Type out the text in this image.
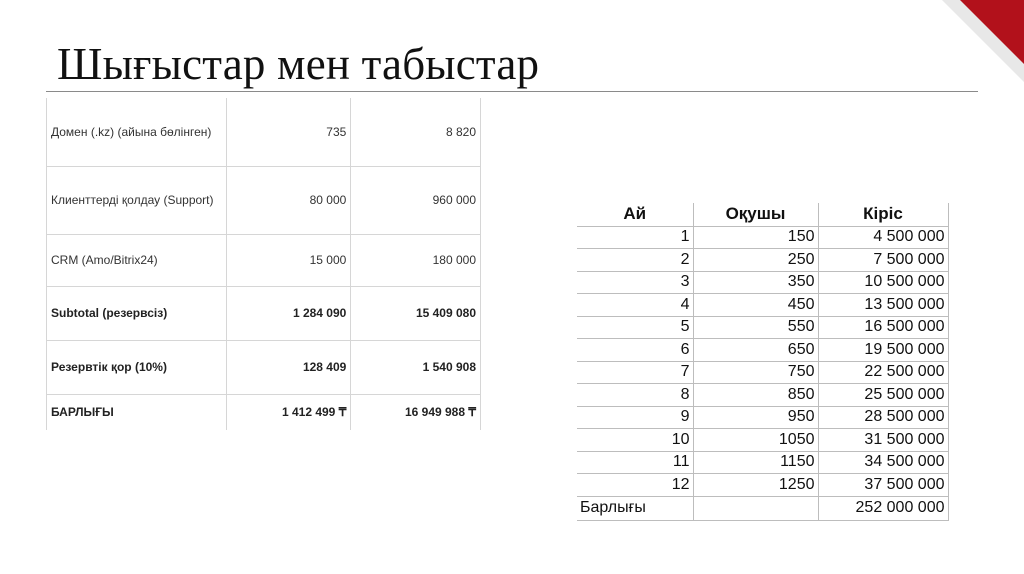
Шығыстар мен табыстар
Домен (.kz) (айына бөлінген)	735	8 820
Клиенттерді қолдау (Support)	80 000	960 000
CRM (Amo/Bitrix24)	15 000	180 000
Subtotal (резервсіз)	1 284 090	15 409 080
Резервтік қор (10%)	128 409	1 540 908
БАРЛЫҒЫ	1 412 499 ₸	16 949 988 ₸
Ай	Оқушы	Кіріс
1	150	4 500 000
2	250	7 500 000
3	350	10 500 000
4	450	13 500 000
5	550	16 500 000
6	650	19 500 000
7	750	22 500 000
8	850	25 500 000
9	950	28 500 000
10	1050	31 500 000
11	1150	34 500 000
12	1250	37 500 000
Барлығы		252 000 000
